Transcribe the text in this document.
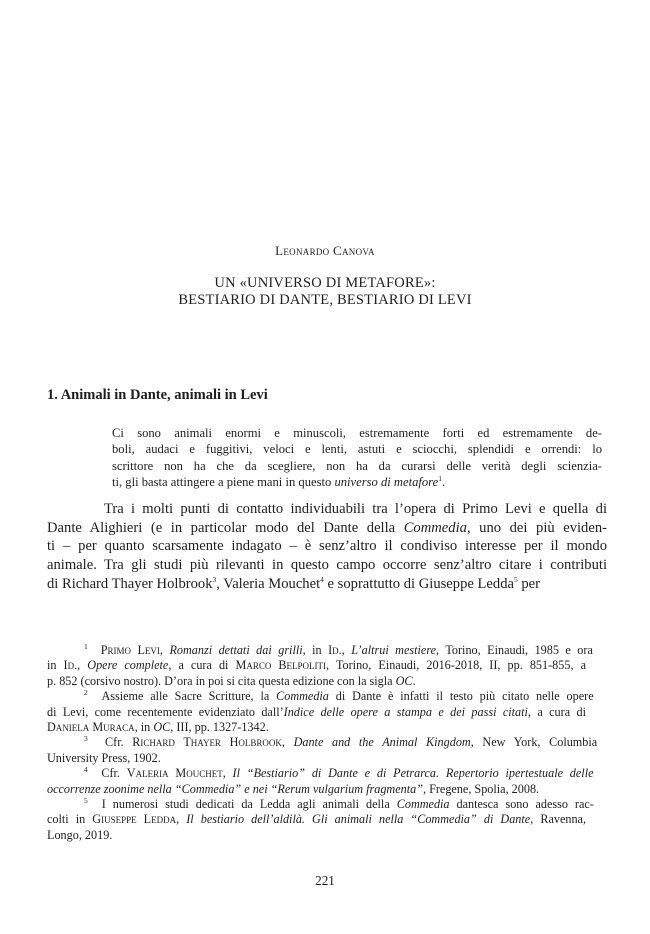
Leonardo Canova
UN «UNIVERSO DI METAFORE»:
BESTIARIO DI DANTE, BESTIARIO DI LEVI
1. Animali in Dante, animali in Levi
Ci sono animali enormi e minuscoli, estremamente forti ed estremamente de-
boli, audaci e fuggitivi, veloci e lenti, astuti e sciocchi, splendidi e orrendi: lo
scrittore non ha che da scegliere, non ha da curarsi delle verità degli scienzia-
ti, gli basta attingere a piene mani in questo universo di metafore$^1$.
Tra i molti punti di contatto individuabili tra l’opera di Primo Levi e quella di
Dante Alighieri (e in particolar modo del Dante della Commedia, uno dei più eviden-
ti – per quanto scarsamente indagato – è senz’altro il condiviso interesse per il mondo
animale. Tra gli studi più rilevanti in questo campo occorre senz’altro citare i contributi
di Richard Thayer Holbrook$^3$, Valeria Mouchet$^4$ e soprattutto di Giuseppe Ledda$^5$ per
$^1$ Primo Levi, Romanzi dettati dai grilli, in Id., L’altrui mestiere, Torino, Einaudi, 1985 e ora
in Id., Opere complete, a cura di Marco Belpoliti, Torino, Einaudi, 2016-2018, II, pp. 851-855, a
p. 852 (corsivo nostro). D’ora in poi si cita questa edizione con la sigla OC.
$^2$ Assieme alle Sacre Scritture, la Commedia di Dante è infatti il testo più citato nelle opere
di Levi, come recentemente evidenziato dall’Indice delle opere a stampa e dei passi citati, a cura di
Daniela Muraca, in OC, III, pp. 1327-1342.
$^3$ Cfr. Richard Thayer Holbrook, Dante and the Animal Kingdom, New York, Columbia
University Press, 1902.
$^4$ Cfr. Valeria Mouchet, Il “Bestiario” di Dante e di Petrarca. Repertorio ipertestuale delle
occorrenze zoonime nella “Commedia” e nei “Rerum vulgarium fragmenta”, Fregene, Spolia, 2008.
$^5$ I numerosi studi dedicati da Ledda agli animali della Commedia dantesca sono adesso rac-
colti in Giuseppe Ledda, Il bestiario dell’aldilà. Gli animali nella “Commedia” di Dante, Ravenna,
Longo, 2019.
221
